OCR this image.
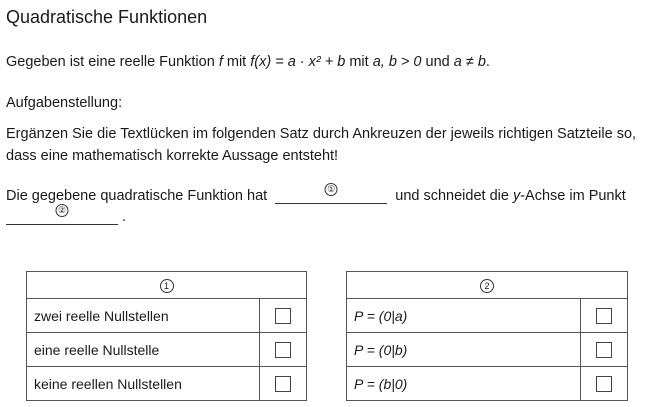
Quadratische Funktionen
Gegeben ist eine reelle Funktion f mit f(x) = a · x² + b mit a, b > 0 und a ≠ b.
Aufgabenstellung:
Ergänzen Sie die Textlücken im folgenden Satz durch Ankreuzen der jeweils richtigen Satzteile so,
dass eine mathematisch korrekte Aussage entsteht!
Die gegebene quadratische Funktion hat	①	und schneidet die y-Achse im Punkt
②	.
1	
zwei reelle Nullstellen	
eine reelle Nullstelle	
keine reellen Nullstellen	
2	
P = (0|a)	
P = (0|b)	
P = (b|0)	
